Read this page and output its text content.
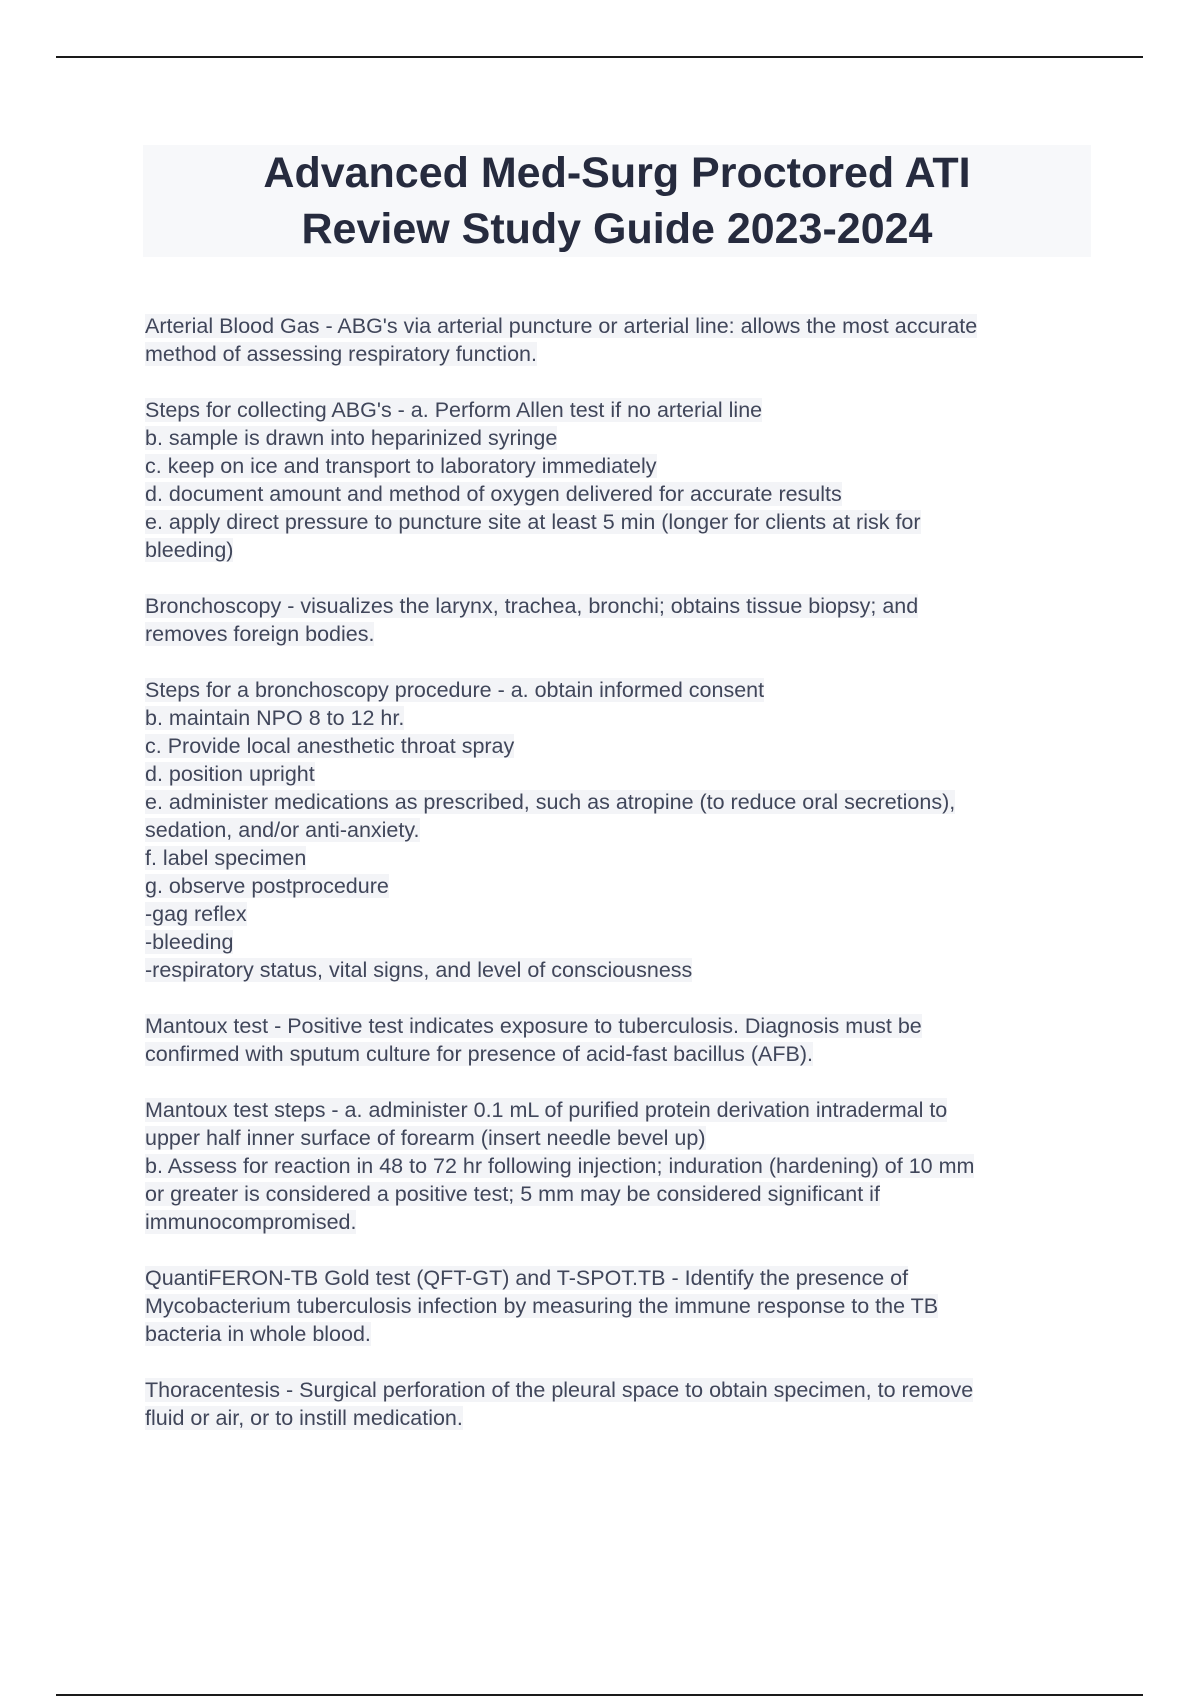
Advanced Med-Surg Proctored ATI
Review Study Guide 2023-2024
Arterial Blood Gas - ABG's via arterial puncture or arterial line: allows the most accurate
method of assessing respiratory function.
Steps for collecting ABG's - a. Perform Allen test if no arterial line
b. sample is drawn into heparinized syringe
c. keep on ice and transport to laboratory immediately
d. document amount and method of oxygen delivered for accurate results
e. apply direct pressure to puncture site at least 5 min (longer for clients at risk for
bleeding)
Bronchoscopy - visualizes the larynx, trachea, bronchi; obtains tissue biopsy; and
removes foreign bodies.
Steps for a bronchoscopy procedure - a. obtain informed consent
b. maintain NPO 8 to 12 hr.
c. Provide local anesthetic throat spray
d. position upright
e. administer medications as prescribed, such as atropine (to reduce oral secretions),
sedation, and/or anti-anxiety.
f. label specimen
g. observe postprocedure
-gag reflex
-bleeding
-respiratory status, vital signs, and level of consciousness
Mantoux test - Positive test indicates exposure to tuberculosis. Diagnosis must be
confirmed with sputum culture for presence of acid-fast bacillus (AFB).
Mantoux test steps - a. administer 0.1 mL of purified protein derivation intradermal to
upper half inner surface of forearm (insert needle bevel up)
b. Assess for reaction in 48 to 72 hr following injection; induration (hardening) of 10 mm
or greater is considered a positive test; 5 mm may be considered significant if
immunocompromised.
QuantiFERON-TB Gold test (QFT-GT) and T-SPOT.TB - Identify the presence of
Mycobacterium tuberculosis infection by measuring the immune response to the TB
bacteria in whole blood.
Thoracentesis - Surgical perforation of the pleural space to obtain specimen, to remove
fluid or air, or to instill medication.
